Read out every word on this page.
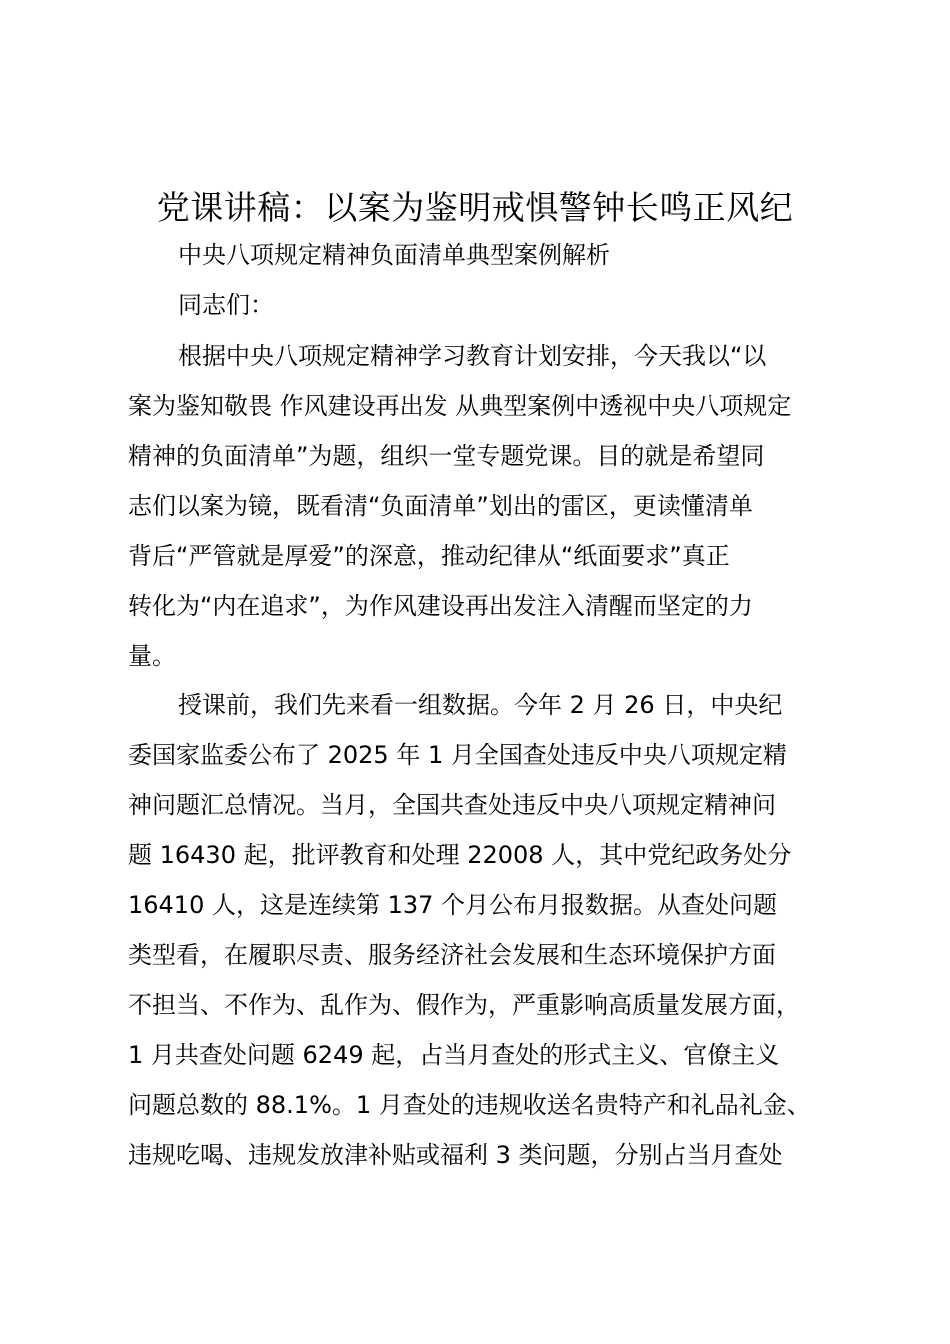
党课讲稿：以案为鉴明戒惧警钟长鸣正风纪
中央八项规定精神负面清单典型案例解析
同志们：
根据中央八项规定精神学习教育计划安排，今天我以“以
案为鉴知敬畏 作风建设再出发 从典型案例中透视中央八项规定
精神的负面清单”为题，组织一堂专题党课。目的就是希望同
志们以案为镜，既看清“负面清单”划出的雷区，更读懂清单
背后“严管就是厚爱”的深意，推动纪律从“纸面要求”真正
转化为“内在追求”，为作风建设再出发注入清醒而坚定的力
量。
授课前，我们先来看一组数据。今年 2 月 26 日，中央纪
委国家监委公布了 2025 年 1 月全国查处违反中央八项规定精
神问题汇总情况。当月，全国共查处违反中央八项规定精神问
题 16430 起，批评教育和处理 22008 人，其中党纪政务处分
16410 人，这是连续第 137 个月公布月报数据。从查处问题
类型看，在履职尽责、服务经济社会发展和生态环境保护方面
不担当、不作为、乱作为、假作为，严重影响高质量发展方面，
1 月共查处问题 6249 起，占当月查处的形式主义、官僚主义
问题总数的 88.1%。1 月查处的违规收送名贵特产和礼品礼金、
违规吃喝、违规发放津补贴或福利 3 类问题，分别占当月查处
